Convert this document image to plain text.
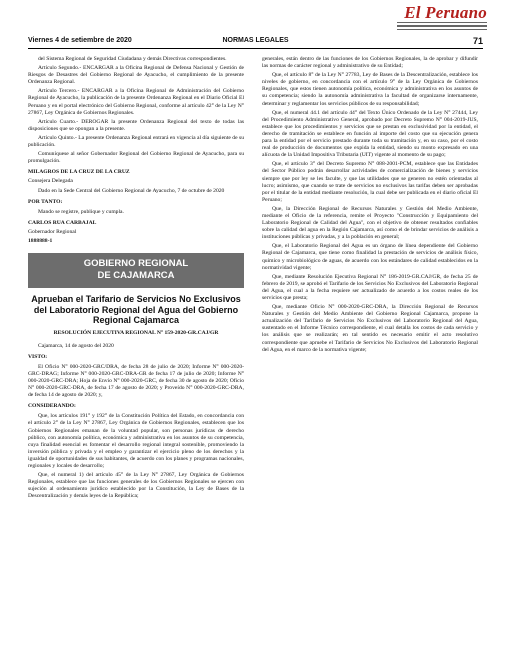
El Peruano
Viernes 4 de setiembre de 2020	NORMAS LEGALES	71

del Sistema Regional de Seguridad Ciudadana y demás Directivas correspondientes.

Artículo Segundo.- ENCARGAR a la Oficina Regional de Defensa Nacional y Gestión de Riesgos de Desastres del Gobierno Regional de Ayacucho, el cumplimiento de la presente Ordenanza Regional.

Artículo Tercero.- ENCARGAR a la Oficina Regional de Administración del Gobierno Regional de Ayacucho, la publicación de la presente Ordenanza Regional en el Diario Oficial El Peruano y en el portal electrónico del Gobierno Regional, conforme al artículo 42° de la Ley N° 27867, Ley Orgánica de Gobiernos Regionales.

Artículo Cuarto.- DEROGAR la presente Ordenanza Regional del texto de todas las disposiciones que se opongan a la presente.

Artículo Quinto.- La presente Ordenanza Regional entrará en vigencia al día siguiente de su publicación.

Comuníquese al señor Gobernador Regional del Gobierno Regional de Ayacucho, para su promulgación.

MILAGROS DE LA CRUZ DE LA CRUZ

Consejera Delegada

Dado en la Sede Central del Gobierno Regional de Ayacucho, 7 de octubre de 2020

POR TANTO:

Mando se registre, publique y cumpla.

CARLOS RUA CARBAJAL

Gobernador Regional

1888888-1

GOBIERNO REGIONAL
DE CAJAMARCA
Aprueban el Tarifario de Servicios No Exclusivos del Laboratorio Regional del Agua del Gobierno Regional Cajamarca
RESOLUCIÓN EJECUTIVA REGIONAL N° 159-2020-GR.CAJ/GR

Cajamarca, 14 de agosto del 2020

VISTO:

El Oficio N° 000-2020-GRC/DRA, de fecha 28 de julio de 2020; Informe N° 000-2020-GRC-DRAG; Informe N° 000-2020-GRC-DRA-GR de fecha 17 de julio de 2020; Informe N° 000-2020-GRC-DRA; Hoja de Envío N° 000-2020-GRC, de fecha 30 de agosto de 2020; Oficio N° 000-2020-GRC-DRA, de fecha 17 de agosto de 2020; y Proveído N° 000-2020-GRC-DRA, de fecha 14 de agosto de 2020; y,

CONSIDERANDO:

Que, los artículos 191° y 192° de la Constitución Política del Estado, en concordancia con el artículo 2° de la Ley N° 27867, Ley Orgánica de Gobiernos Regionales, establecen que los Gobiernos Regionales emanan de la voluntad popular, son personas jurídicas de derecho público, con autonomía política, económica y administrativa en los asuntos de su competencia, cuya finalidad esencial es fomentar el desarrollo regional integral sostenible, promoviendo la inversión pública y privada y el empleo y garantizar el ejercicio pleno de los derechos y la igualdad de oportunidades de sus habitantes, de acuerdo con los planes y programas nacionales, regionales y locales de desarrollo;

Que, el numeral 1) del artículo 45° de la Ley N° 27867, Ley Orgánica de Gobiernos Regionales, establece que las funciones generales de los Gobiernos Regionales se ejercen con sujeción al ordenamiento jurídico establecido por la Constitución, la Ley de Bases de la Descentralización y demás leyes de la República;

generales, están dentro de las funciones de los Gobiernos Regionales, la de aprobar y difundir las normas de carácter regional y administrativo de su Entidad;

Que, el artículo 8° de la Ley N° 27783, Ley de Bases de la Descentralización, establece los niveles de gobierno, en concordancia con el artículo 9° de la Ley Orgánica de Gobiernos Regionales, que estos tienen autonomía política, económica y administrativa en los asuntos de su competencia; siendo la autonomía administrativa la facultad de organizarse internamente, determinar y reglamentar los servicios públicos de su responsabilidad;

Que, el numeral 44.1 del artículo 44° del Texto Único Ordenado de la Ley N° 27444, Ley del Procedimiento Administrativo General, aprobado por Decreto Supremo N° 004-2019-JUS, establece que los procedimientos y servicios que se prestan en exclusividad por la entidad, el derecho de tramitación se establece en función al importe del costo que su ejecución genera para la entidad por el servicio prestado durante toda su tramitación y, en su caso, por el costo real de producción de documentos que expida la entidad, siendo su monto expresado en una alícuota de la Unidad Impositiva Tributaria (UIT) vigente al momento de su pago;

Que, el artículo 3° del Decreto Supremo N° 088-2001-PCM, establece que las Entidades del Sector Público podrán desarrollar actividades de comercialización de bienes y servicios siempre que por ley se les faculte, y que las utilidades que se generen no estén orientadas al lucro; asimismo, que cuando se trate de servicios no exclusivos las tarifas deben ser aprobadas por el titular de la entidad mediante resolución, la cual debe ser publicada en el diario oficial El Peruano;

Que, la Dirección Regional de Recursos Naturales y Gestión del Medio Ambiente, mediante el Oficio de la referencia, remite el Proyecto "Construcción y Equipamiento del Laboratorio Regional de Calidad del Agua", con el objetivo de obtener resultados confiables sobre la calidad del agua en la Región Cajamarca, así como el de brindar servicios de análisis a instituciones públicas y privadas, y a la población en general;

Que, el Laboratorio Regional del Agua es un órgano de línea dependiente del Gobierno Regional de Cajamarca, que tiene como finalidad la prestación de servicios de análisis físico, químico y microbiológico de aguas, de acuerdo con los estándares de calidad establecidos en la normatividad vigente;

Que, mediante Resolución Ejecutiva Regional N° 186-2019-GR.CAJ/GR, de fecha 25 de febrero de 2019, se aprobó el Tarifario de los Servicios No Exclusivos del Laboratorio Regional del Agua, el cual a la fecha requiere ser actualizado de acuerdo a los costos reales de los servicios que presta;

Que, mediante Oficio N° 000-2020-GRC-DRA, la Dirección Regional de Recursos Naturales y Gestión del Medio Ambiente del Gobierno Regional Cajamarca, propone la actualización del Tarifario de Servicios No Exclusivos del Laboratorio Regional del Agua, sustentado en el Informe Técnico correspondiente, el cual detalla los costos de cada servicio y los análisis que se realizarán; en tal sentido es necesario emitir el acto resolutivo correspondiente que apruebe el Tarifario de Servicios No Exclusivos del Laboratorio Regional del Agua, en el marco de la normativa vigente;
